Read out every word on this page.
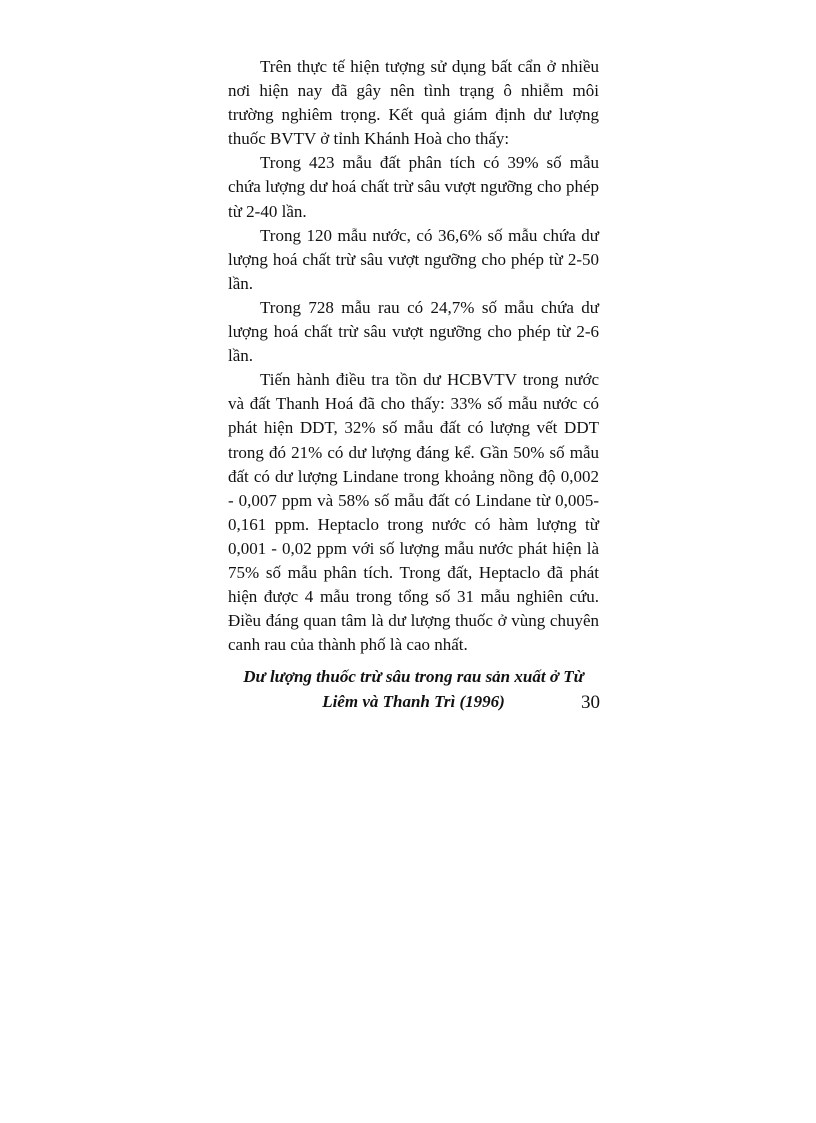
Trên thực tế hiện tượng sử dụng bất cẩn ở nhiều nơi hiện nay đã gây nên tình trạng ô nhiễm môi trường nghiêm trọng. Kết quả giám định dư lượng thuốc BVTV ở tỉnh Khánh Hoà cho thấy:

Trong 423 mẫu đất phân tích có 39% số mẫu chứa lượng dư hoá chất trừ sâu vượt ngưỡng cho phép từ 2-40 lần.

Trong 120 mẫu nước, có 36,6% số mẫu chứa dư lượng hoá chất trừ sâu vượt ngưỡng cho phép từ 2-50 lần.

Trong 728 mẫu rau có 24,7% số mẫu chứa dư lượng hoá chất trừ sâu vượt ngưỡng cho phép từ 2-6 lần.

Tiến hành điều tra tồn dư HCBVTV trong nước và đất Thanh Hoá đã cho thấy: 33% số mẫu nước có phát hiện DDT, 32% số mẫu đất có lượng vết DDT trong đó 21% có dư lượng đáng kể. Gần 50% số mẫu đất có dư lượng Lindane trong khoảng nồng độ 0,002 - 0,007 ppm và 58% số mẫu đất có Lindane từ 0,005-0,161 ppm. Heptaclo trong nước có hàm lượng từ 0,001 - 0,02 ppm với số lượng mẫu nước phát hiện là 75% số mẫu phân tích. Trong đất, Heptaclo đã phát hiện được 4 mẫu trong tổng số 31 mẫu nghiên cứu. Điều đáng quan tâm là dư lượng thuốc ở vùng chuyên canh rau của thành phố là cao nhất.

Dư lượng thuốc trừ sâu trong rau sản xuất ở Từ
Liêm và Thanh Trì (1996)	30
